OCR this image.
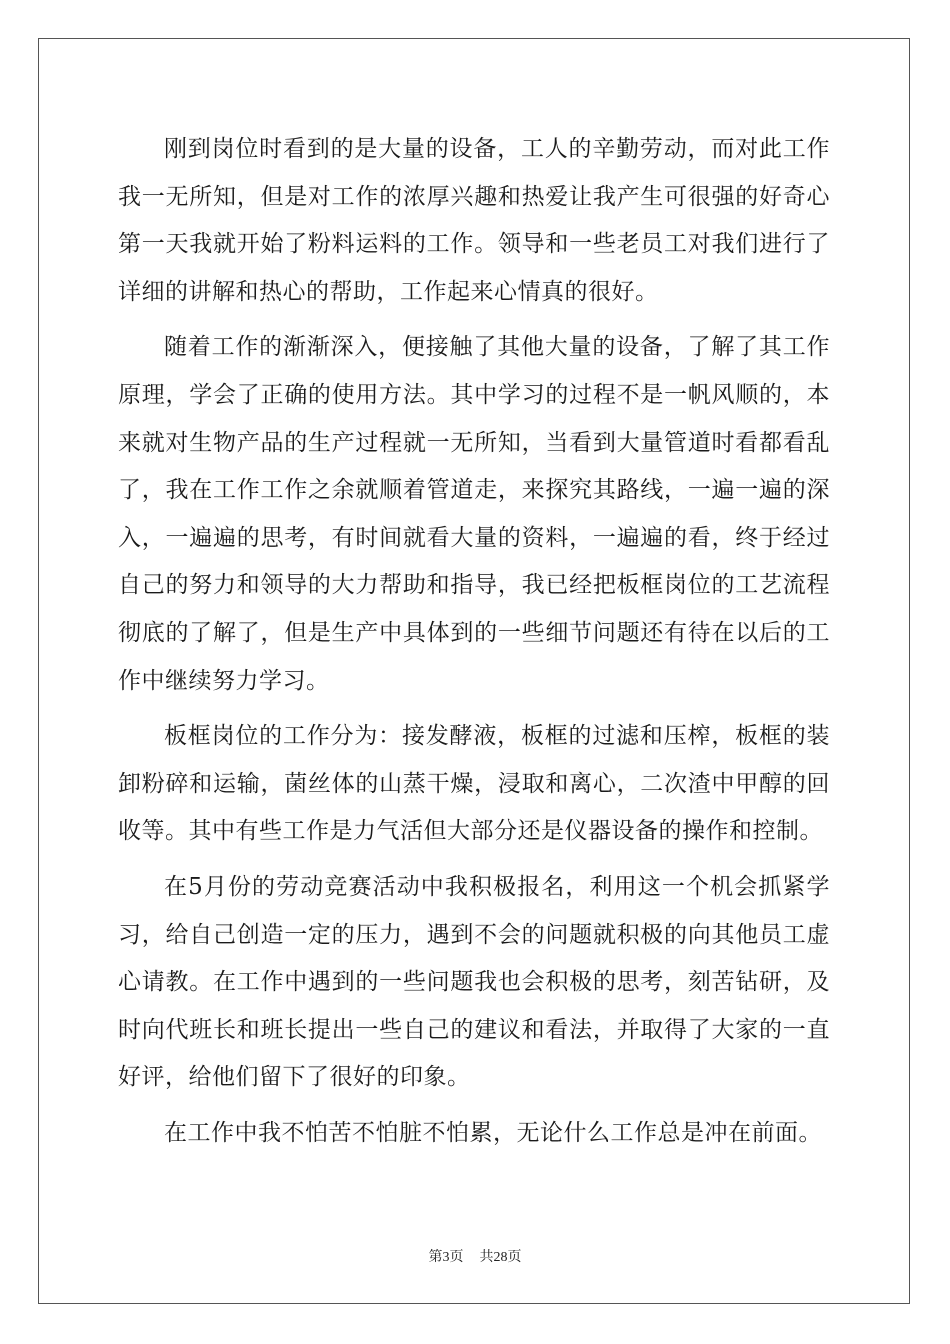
刚到岗位时看到的是大量的设备，工人的辛勤劳动，而对此工作我一无所知，但是对工作的浓厚兴趣和热爱让我产生可很强的好奇心第一天我就开始了粉料运料的工作。领导和一些老员工对我们进行了详细的讲解和热心的帮助，工作起来心情真的很好。

随着工作的渐渐深入，便接触了其他大量的设备，了解了其工作原理，学会了正确的使用方法。其中学习的过程不是一帆风顺的，本来就对生物产品的生产过程就一无所知，当看到大量管道时看都看乱了，我在工作工作之余就顺着管道走，来探究其路线，一遍一遍的深入，一遍遍的思考，有时间就看大量的资料，一遍遍的看，终于经过自己的努力和领导的大力帮助和指导，我已经把板框岗位的工艺流程彻底的了解了，但是生产中具体到的一些细节问题还有待在以后的工作中继续努力学习。

板框岗位的工作分为：接发酵液，板框的过滤和压榨，板框的装卸粉碎和运输，菌丝体的山蒸干燥，浸取和离心，二次渣中甲醇的回收等。其中有些工作是力气活但大部分还是仪器设备的操作和控制。

在5月份的劳动竞赛活动中我积极报名，利用这一个机会抓紧学习，给自己创造一定的压力，遇到不会的问题就积极的向其他员工虚心请教。在工作中遇到的一些问题我也会积极的思考，刻苦钻研，及时向代班长和班长提出一些自己的建议和看法，并取得了大家的一直好评，给他们留下了很好的印象。

在工作中我不怕苦不怕脏不怕累，无论什么工作总是冲在前面。

第3页 共28页
